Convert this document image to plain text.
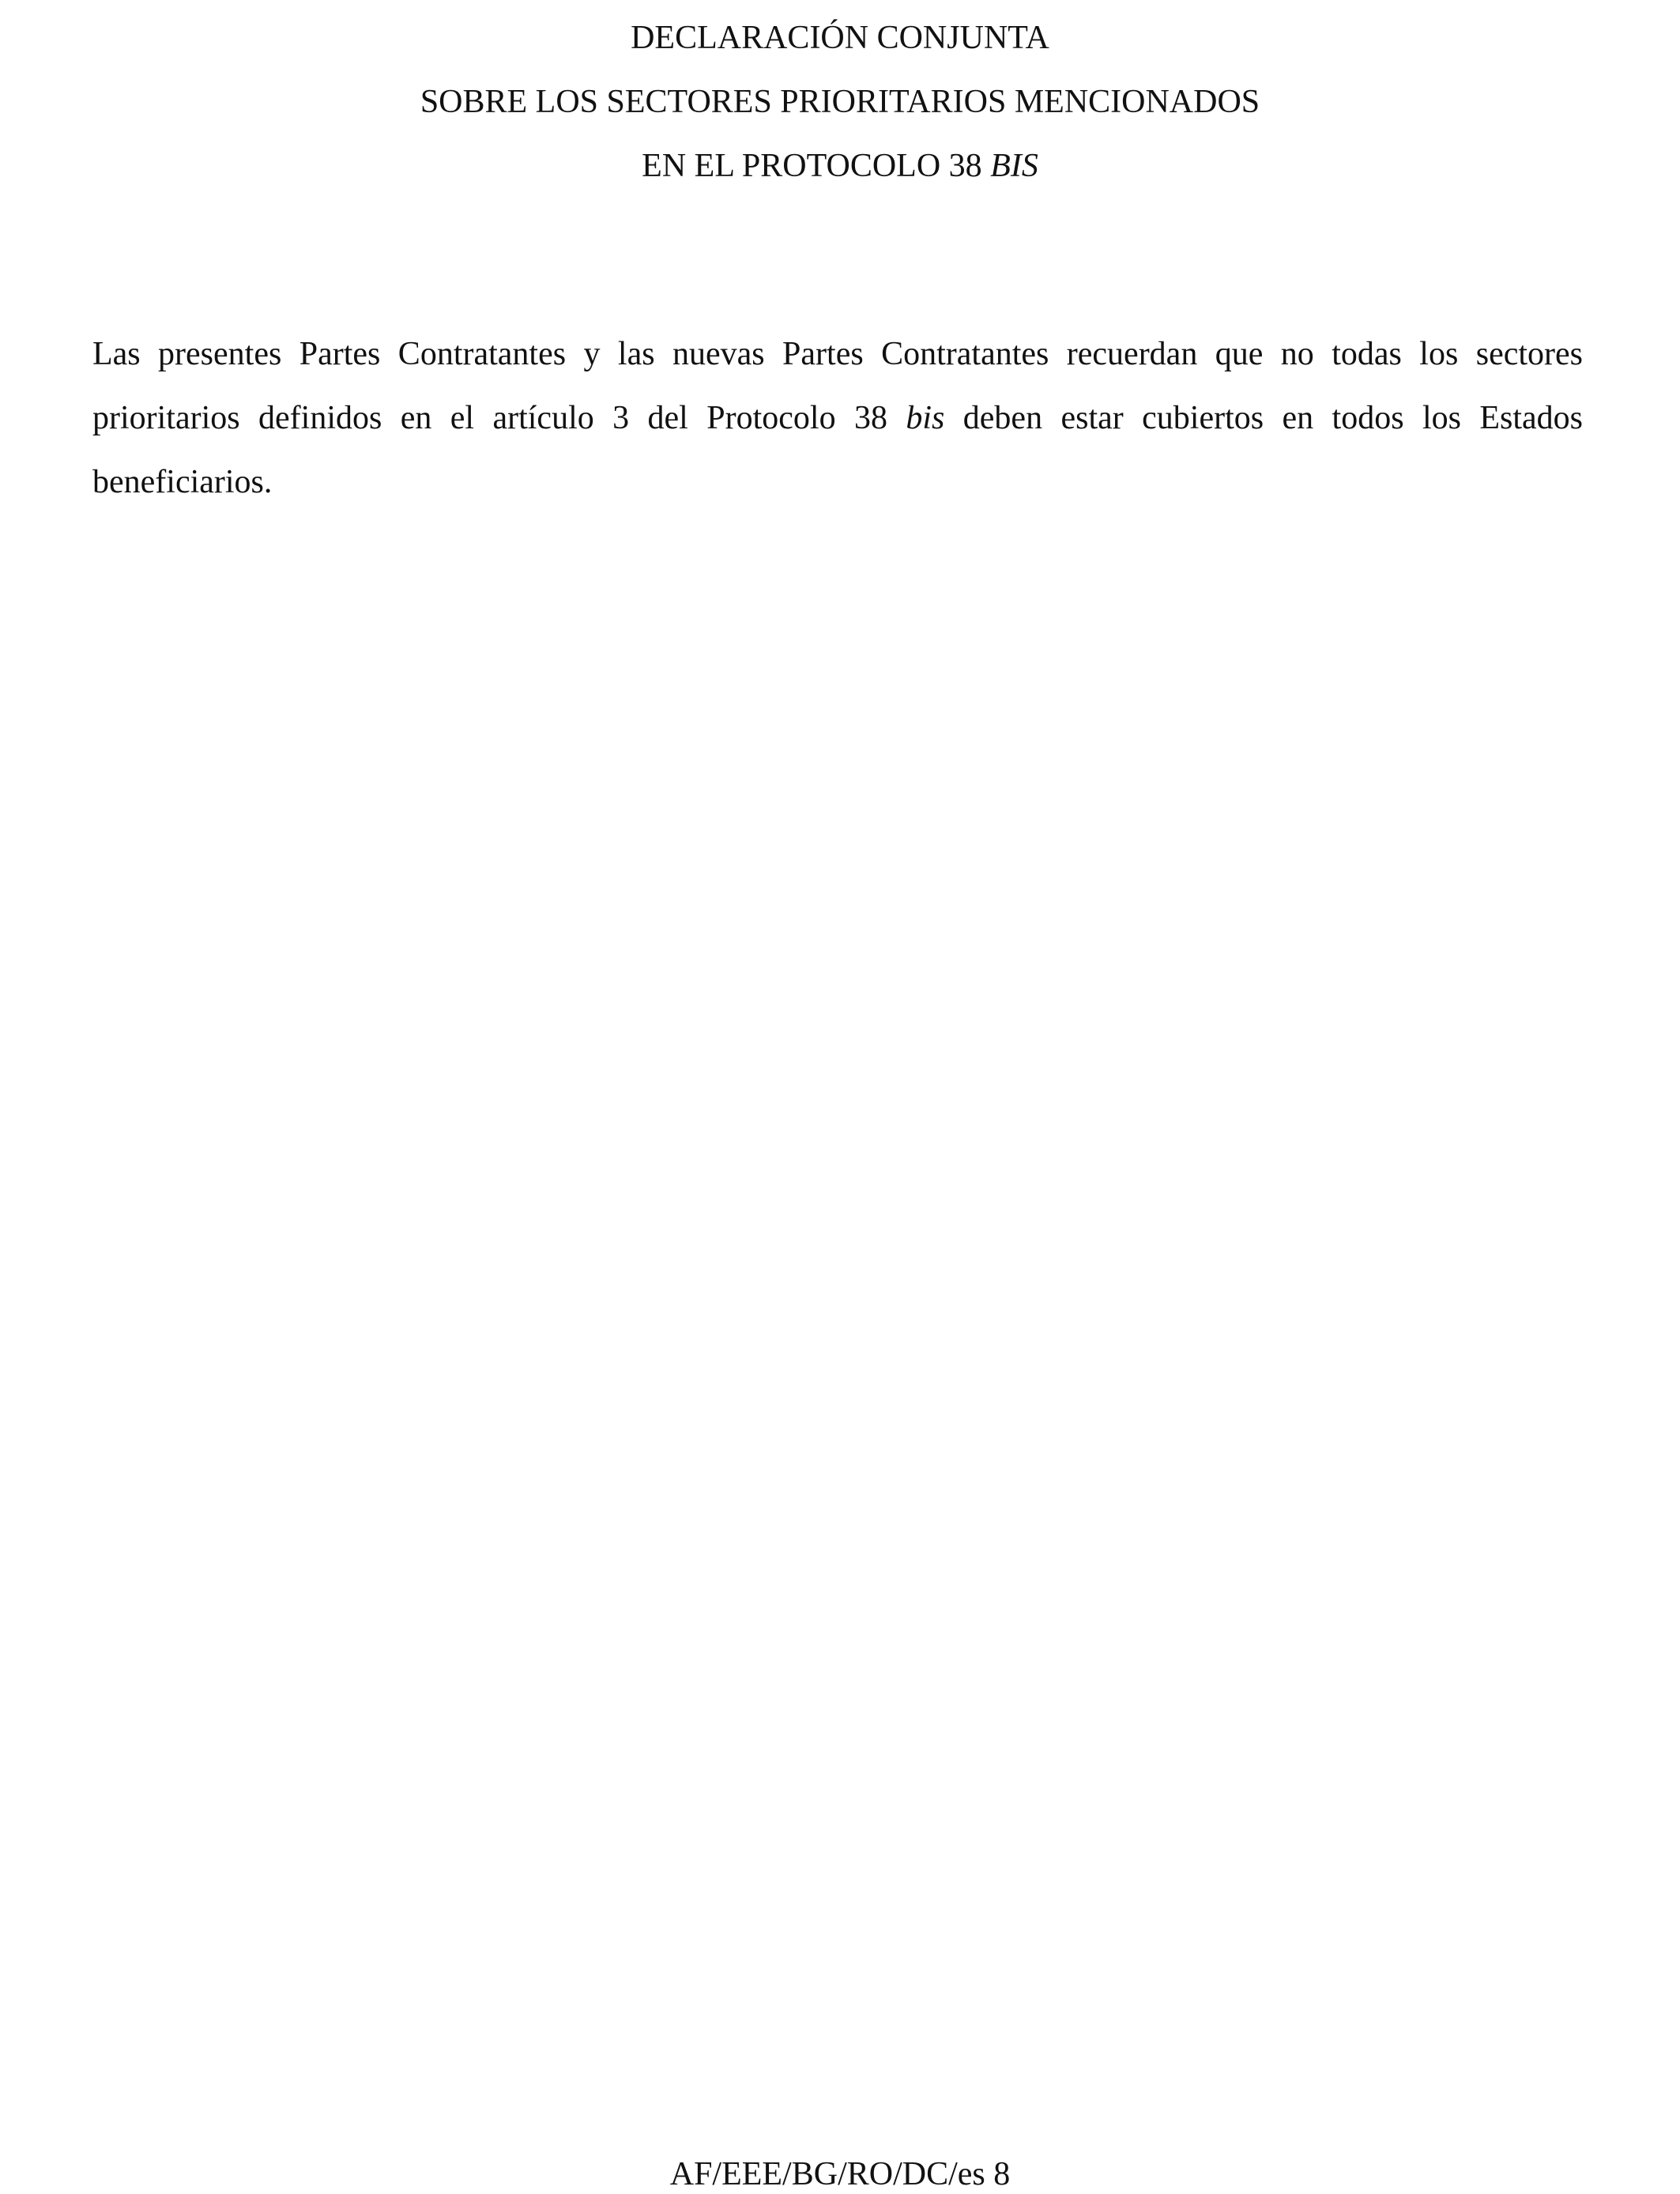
DECLARACIÓN CONJUNTA
SOBRE LOS SECTORES PRIORITARIOS MENCIONADOS
EN EL PROTOCOLO 38 BIS

Las presentes Partes Contratantes y las nuevas Partes Contratantes recuerdan que no todas los sectores prioritarios definidos en el artículo 3 del Protocolo 38 bis deben estar cubiertos en todos los Estados beneficiarios.

AF/EEE/BG/RO/DC/es 8
